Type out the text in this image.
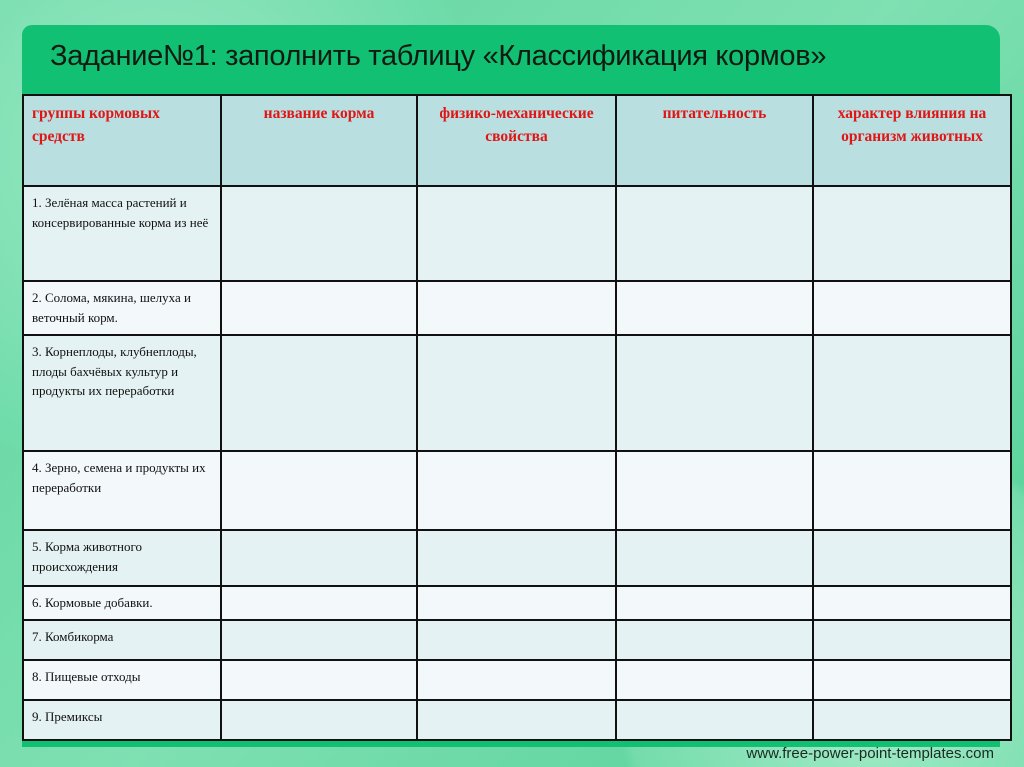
Задание№1: заполнить таблицу «Классификация кормов»
группы кормовых средств	название корма	физико-механические свойства	питательность	характер влияния на организм животных
1. Зелёная масса растений и консервированные корма из неё				
2. Солома, мякина, шелуха и веточный корм.				
3. Корнеплоды, клубнеплоды, плоды бахчёвых культур и продукты их переработки				
4. Зерно, семена и продукты их переработки				
5. Корма животного происхождения				
6. Кормовые добавки.				
7. Комбикорма				
8. Пищевые отходы				
9. Премиксы				
www.free-power-point-templates.com
